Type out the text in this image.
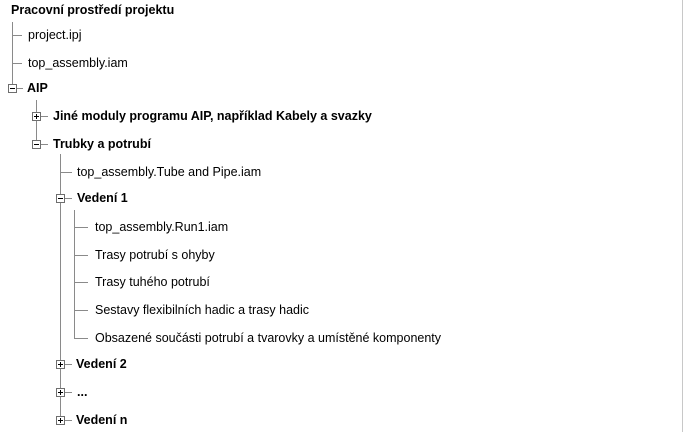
Pracovní prostředí projektu
project.ipj
top_assembly.iam
AIP
Jiné moduly programu AIP, například Kabely a svazky
Trubky a potrubí
top_assembly.Tube and Pipe.iam
Vedení 1
top_assembly.Run1.iam
Trasy potrubí s ohyby
Trasy tuhého potrubí
Sestavy flexibilních hadic a trasy hadic
Obsazené součásti potrubí a tvarovky a umístěné komponenty
Vedení 2
...
Vedení n
